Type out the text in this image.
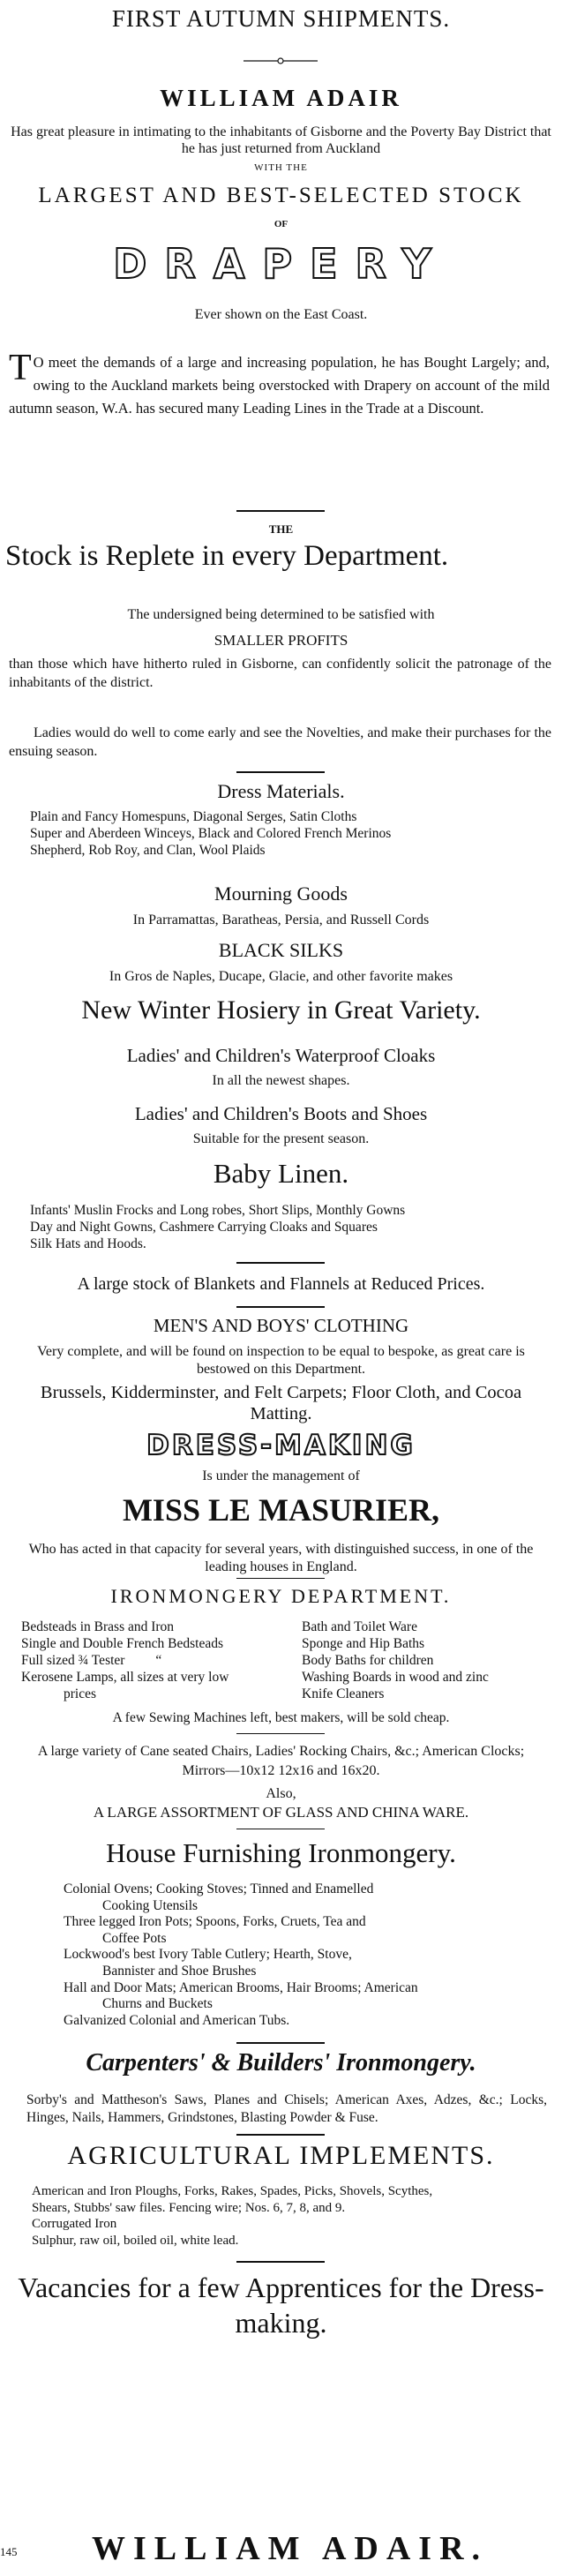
FIRST AUTUMN SHIPMENTS.
WILLIAM ADAIR
Has great pleasure in intimating to the inhabitants of Gisborne and the Poverty Bay District that he has just returned from Auckland
WITH THE
LARGEST AND BEST-SELECTED STOCK
OF
DRAPERY
Ever shown on the East Coast.
T O meet the demands of a large and increasing population, he has Bought Largely; and, owing to the Auckland markets being overstocked with Drapery on account of the mild autumn season, W.A. has secured many Leading Lines in the Trade at a Discount.
THE
Stock is Replete in every Department.
The undersigned being determined to be satisfied with
SMALLER PROFITS
than those which have hitherto ruled in Gisborne, can confidently solicit the patronage of the inhabitants of the district.
Ladies would do well to come early and see the Novelties, and make their purchases for the ensuing season.
Dress Materials.
Plain and Fancy Homespuns, Diagonal Serges, Satin Cloths
Super and Aberdeen Winceys, Black and Colored French Merinos
Shepherd, Rob Roy, and Clan, Wool Plaids
Mourning Goods
In Parramattas, Baratheas, Persia, and Russell Cords
BLACK SILKS
In Gros de Naples, Ducape, Glacie, and other favorite makes
New Winter Hosiery in Great Variety.
Ladies' and Children's Waterproof Cloaks
In all the newest shapes.
Ladies' and Children's Boots and Shoes
Suitable for the present season.
Baby Linen.
Infants' Muslin Frocks and Long robes, Short Slips, Monthly Gowns
Day and Night Gowns, Cashmere Carrying Cloaks and Squares
Silk Hats and Hoods.
A large stock of Blankets and Flannels at Reduced Prices.
MEN'S AND BOYS' CLOTHING
Very complete, and will be found on inspection to be equal to bespoke, as great care is bestowed on this Department.
Brussels, Kidderminster, and Felt Carpets; Floor Cloth, and Cocoa Matting.
DRESS-MAKING
Is under the management of
MISS LE MASURIER,
Who has acted in that capacity for several years, with distinguished success, in one of the leading houses in England.
IRONMONGERY DEPARTMENT.
Bedsteads in Brass and Iron
Single and Double French Bedsteads
Full sized ¾ Tester         “
Kerosene Lamps, all sizes at very low
prices
Bath and Toilet Ware
Sponge and Hip Baths
Body Baths for children
Washing Boards in wood and zinc
Knife Cleaners
A few Sewing Machines left, best makers, will be sold cheap.
A large variety of Cane seated Chairs, Ladies' Rocking Chairs, &c.; American Clocks; Mirrors—10x12 12x16 and 16x20.
Also,
A LARGE ASSORTMENT OF GLASS AND CHINA WARE.
House Furnishing Ironmongery.
Colonial Ovens; Cooking Stoves; Tinned and Enamelled
Cooking Utensils
Three legged Iron Pots; Spoons, Forks, Cruets, Tea and
Coffee Pots
Lockwood's best Ivory Table Cutlery; Hearth, Stove,
Bannister and Shoe Brushes
Hall and Door Mats; American Brooms, Hair Brooms; American
Churns and Buckets
Galvanized Colonial and American Tubs.
Carpenters' & Builders' Ironmongery.
Sorby's and Mattheson's Saws, Planes and Chisels; American Axes, Adzes, &c.; Locks, Hinges, Nails, Hammers, Grindstones, Blasting Powder & Fuse.
AGRICULTURAL IMPLEMENTS.
American and Iron Ploughs, Forks, Rakes, Spades, Picks, Shovels, Scythes,
Shears, Stubbs' saw files. Fencing wire; Nos. 6, 7, 8, and 9.
Corrugated Iron
Sulphur, raw oil, boiled oil, white lead.
Vacancies for a few Apprentices for the Dress-making.
145	WILLIAM ADAIR.
